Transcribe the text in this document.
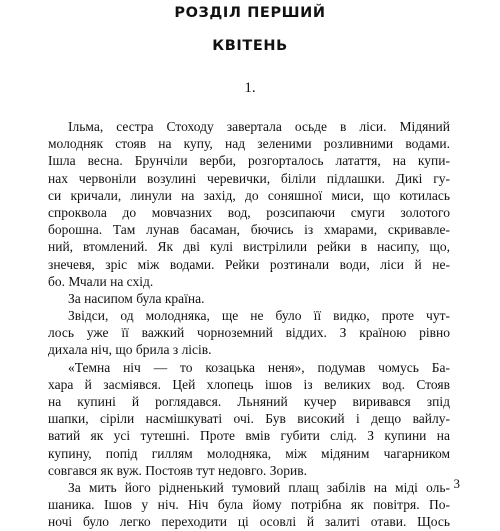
РОЗДІЛ ПЕРШИЙ
КВІТЕНЬ
1.
Ільма, сестра Стоходу завертала осьде в ліси. Мідяний
молодняк стояв на купу, над зеленими розливними водами.
Ішла весна. Брунчіли верби, розгорталось латаття, на купи-
нах червоніли возулині черевички, біліли підлашки. Дикі гу-
си кричали, линули на захід, до соняшної миси, що котилась
спроквола до мовчазних вод, розсипаючи смуги золотого
борошна. Там лунав басаман, бючись із хмарами, скривавле-
ний, втомлений. Як дві кулі вистрілили рейки в насипу, що,
знечевя, зріс між водами. Рейки розтинали води, ліси й не-
бо. Мчали на схід.
За насипом була країна.
Звідси, од молодняка, ще не було її видко, проте чут-
лось уже її важкий чорноземний віддих. З країною рівно
дихала ніч, що брила з лісів.
«Темна ніч — то козацька неня», подумав чомусь Ба-
хара й засміявся. Цей хлопець ішов із великих вод. Стояв
на купині й роглядався. Льняний кучер виривався зпід
шапки, сіріли насмішкуваті очі. Був високий і дещо вайлу-
ватий як усі тутешні. Проте вмів губити слід. З купини на
купину, попід гиллям молодняка, між мідяним чагарником
совгався як вуж. Постояв тут недовго. Зорив.
За мить його рідненький тумовий плащ забілів на міді оль-
шаника. Ішов у ніч. Ніч була йому потрібна як повітря. По-
ночі було легко переходити ці осовлі й залиті отави. Щось
3
